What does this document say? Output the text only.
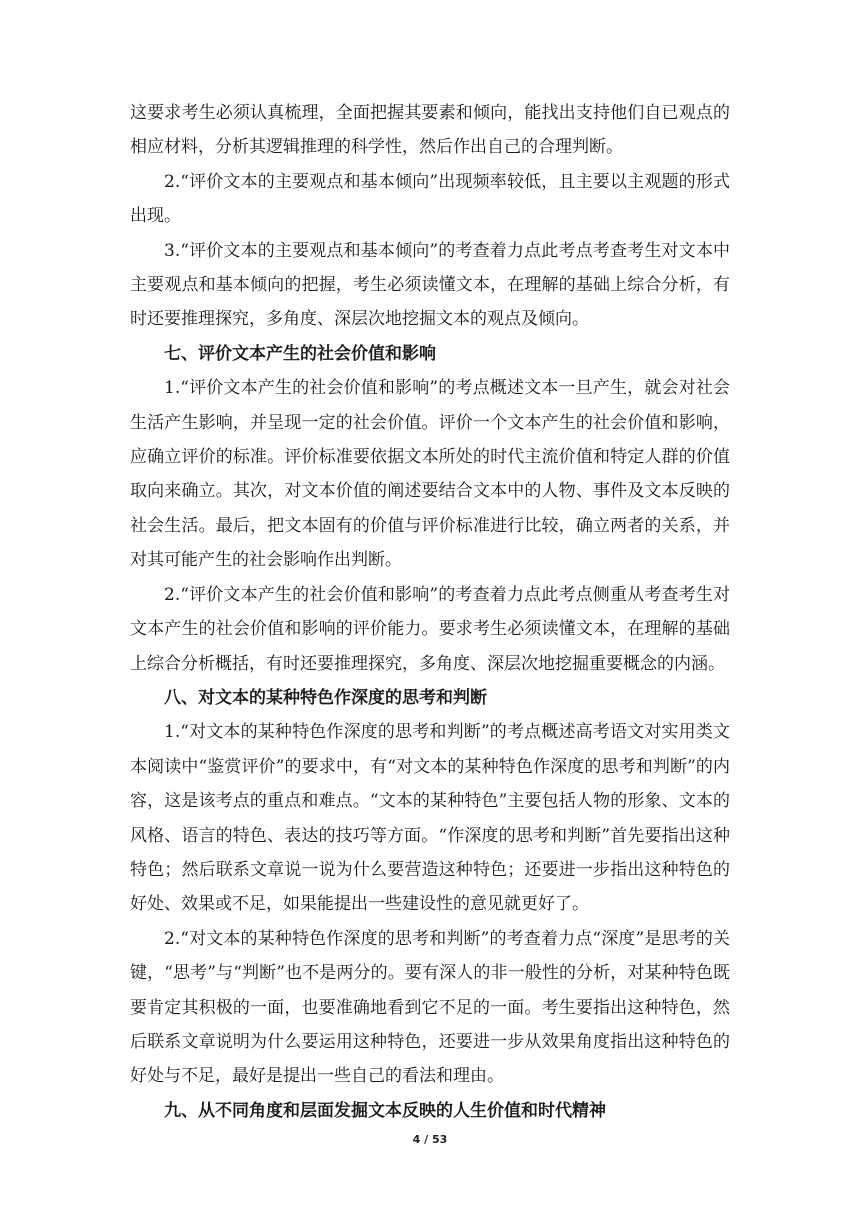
这要求考生必须认真梳理，全面把握其要素和倾向，能找出支持他们自已观点的相应材料，分析其逻辑推理的科学性，然后作出自己的合理判断。

2.“评价文本的主要观点和基本倾向”出现频率较低，且主要以主观题的形式出现。

3.“评价文本的主要观点和基本倾向”的考查着力点此考点考查考生对文本中主要观点和基本倾向的把握，考生必须读懂文本，在理解的基础上综合分析，有时还要推理探究，多角度、深层次地挖掘文本的观点及倾向。

七、评价文本产生的社会价值和影响

1.“评价文本产生的社会价值和影响”的考点概述文本一旦产生，就会对社会生活产生影响，并呈现一定的社会价值。评价一个文本产生的社会价值和影响，应确立评价的标准。评价标准要依据文本所处的时代主流价值和特定人群的价值取向来确立。其次，对文本价值的阐述要结合文本中的人物、事件及文本反映的社会生活。最后，把文本固有的价值与评价标准进行比较，确立两者的关系，并对其可能产生的社会影响作出判断。

2.“评价文本产生的社会价值和影响”的考查着力点此考点侧重从考查考生对文本产生的社会价值和影响的评价能力。要求考生必须读懂文本，在理解的基础上综合分析概括，有时还要推理探究，多角度、深层次地挖掘重要概念的内涵。

八、对文本的某种特色作深度的思考和判断

1.“对文本的某种特色作深度的思考和判断”的考点概述高考语文对实用类文本阅读中“鉴赏评价”的要求中，有“对文本的某种特色作深度的思考和判断”的内容，这是该考点的重点和难点。“文本的某种特色”主要包括人物的形象、文本的风格、语言的特色、表达的技巧等方面。“作深度的思考和判断”首先要指出这种特色；然后联系文章说一说为什么要营造这种特色；还要进一步指出这种特色的好处、效果或不足，如果能提出一些建设性的意见就更好了。

2.“对文本的某种特色作深度的思考和判断”的考查着力点“深度”是思考的关键，“思考”与“判断”也不是两分的。要有深人的非一般性的分析，对某种特色既要肯定其积极的一面，也要准确地看到它不足的一面。考生要指出这种特色，然后联系文章说明为什么要运用这种特色，还要进一步从效果角度指出这种特色的好处与不足，最好是提出一些自己的看法和理由。

九、从不同角度和层面发掘文本反映的人生价值和时代精神

4 / 53
